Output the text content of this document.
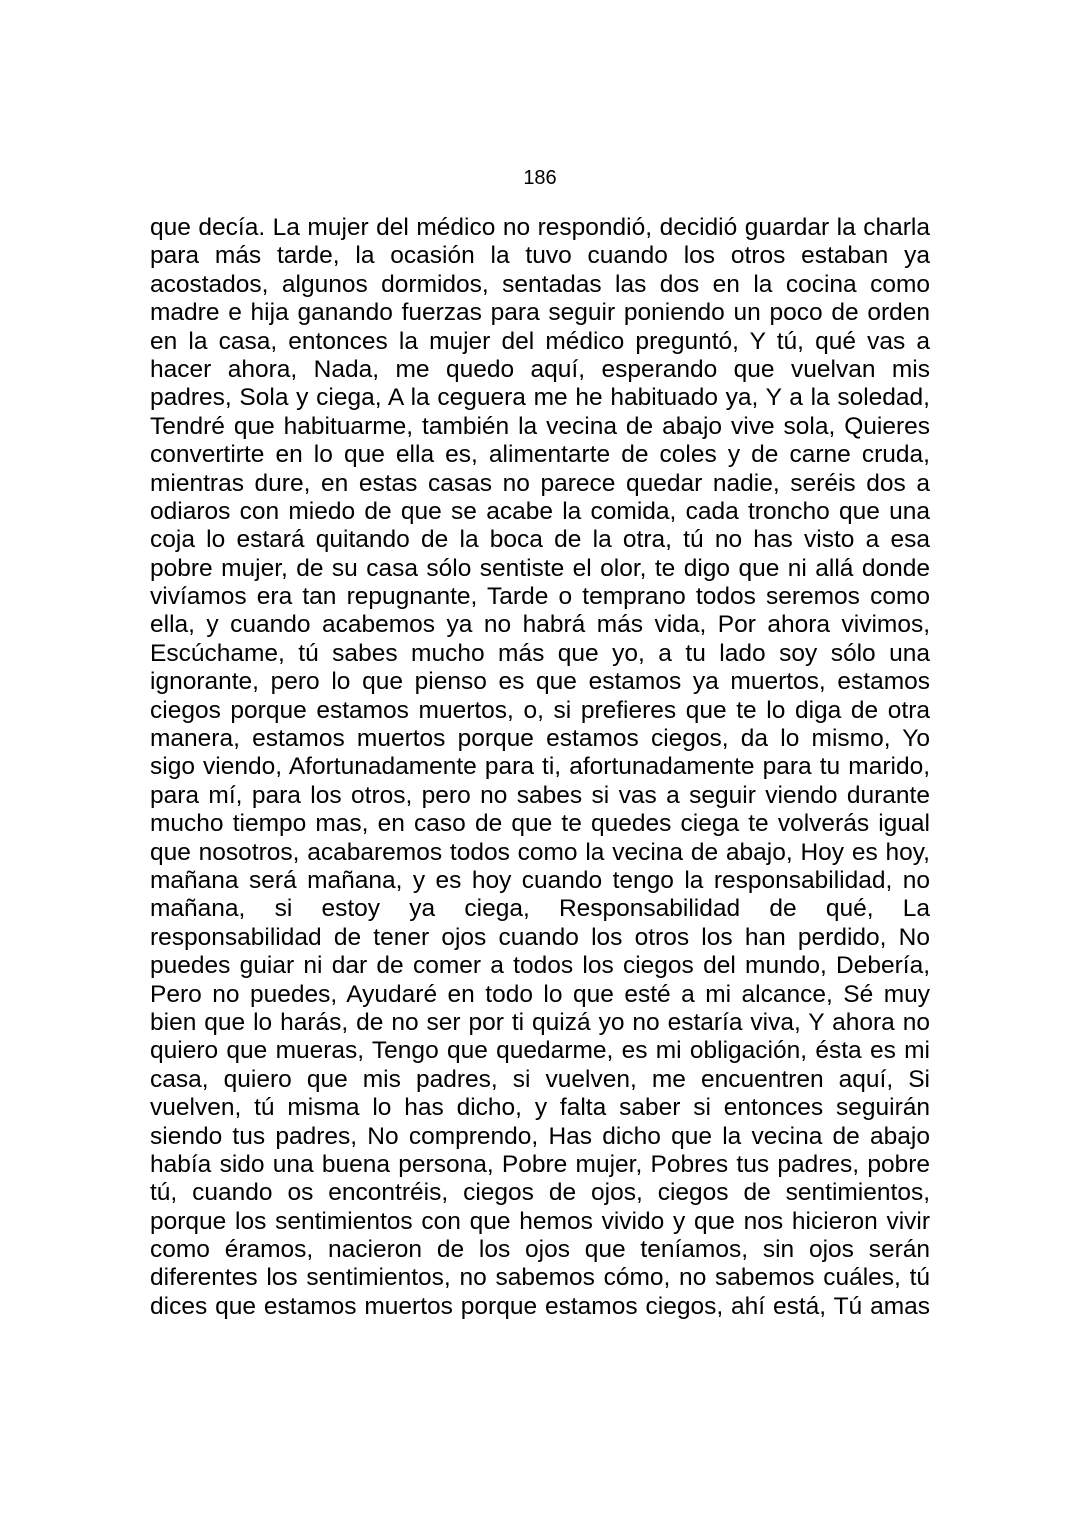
186
que decía. La mujer del médico no respondió, decidió guardar la charla
para más tarde, la ocasión la tuvo cuando los otros estaban ya
acostados, algunos dormidos, sentadas las dos en la cocina como
madre e hija ganando fuerzas para seguir poniendo un poco de orden
en la casa, entonces la mujer del médico preguntó, Y tú, qué vas a
hacer ahora, Nada, me quedo aquí, esperando que vuelvan mis
padres, Sola y ciega, A la ceguera me he habituado ya, Y a la soledad,
Tendré que habituarme, también la vecina de abajo vive sola, Quieres
convertirte en lo que ella es, alimentarte de coles y de carne cruda,
mientras dure, en estas casas no parece quedar nadie, seréis dos a
odiaros con miedo de que se acabe la comida, cada troncho que una
coja lo estará quitando de la boca de la otra, tú no has visto a esa
pobre mujer, de su casa sólo sentiste el olor, te digo que ni allá donde
vivíamos era tan repugnante, Tarde o temprano todos seremos como
ella, y cuando acabemos ya no habrá más vida, Por ahora vivimos,
Escúchame, tú sabes mucho más que yo, a tu lado soy sólo una
ignorante, pero lo que pienso es que estamos ya muertos, estamos
ciegos porque estamos muertos, o, si prefieres que te lo diga de otra
manera, estamos muertos porque estamos ciegos, da lo mismo, Yo
sigo viendo, Afortunadamente para ti, afortunadamente para tu marido,
para mí, para los otros, pero no sabes si vas a seguir viendo durante
mucho tiempo mas, en caso de que te quedes ciega te volverás igual
que nosotros, acabaremos todos como la vecina de abajo, Hoy es hoy,
mañana será mañana, y es hoy cuando tengo la responsabilidad, no
mañana, si estoy ya ciega, Responsabilidad de qué, La
responsabilidad de tener ojos cuando los otros los han perdido, No
puedes guiar ni dar de comer a todos los ciegos del mundo, Debería,
Pero no puedes, Ayudaré en todo lo que esté a mi alcance, Sé muy
bien que lo harás, de no ser por ti quizá yo no estaría viva, Y ahora no
quiero que mueras, Tengo que quedarme, es mi obligación, ésta es mi
casa, quiero que mis padres, si vuelven, me encuentren aquí, Si
vuelven, tú misma lo has dicho, y falta saber si entonces seguirán
siendo tus padres, No comprendo, Has dicho que la vecina de abajo
había sido una buena persona, Pobre mujer, Pobres tus padres, pobre
tú, cuando os encontréis, ciegos de ojos, ciegos de sentimientos,
porque los sentimientos con que hemos vivido y que nos hicieron vivir
como éramos, nacieron de los ojos que teníamos, sin ojos serán
diferentes los sentimientos, no sabemos cómo, no sabemos cuáles, tú
dices que estamos muertos porque estamos ciegos, ahí está, Tú amas
